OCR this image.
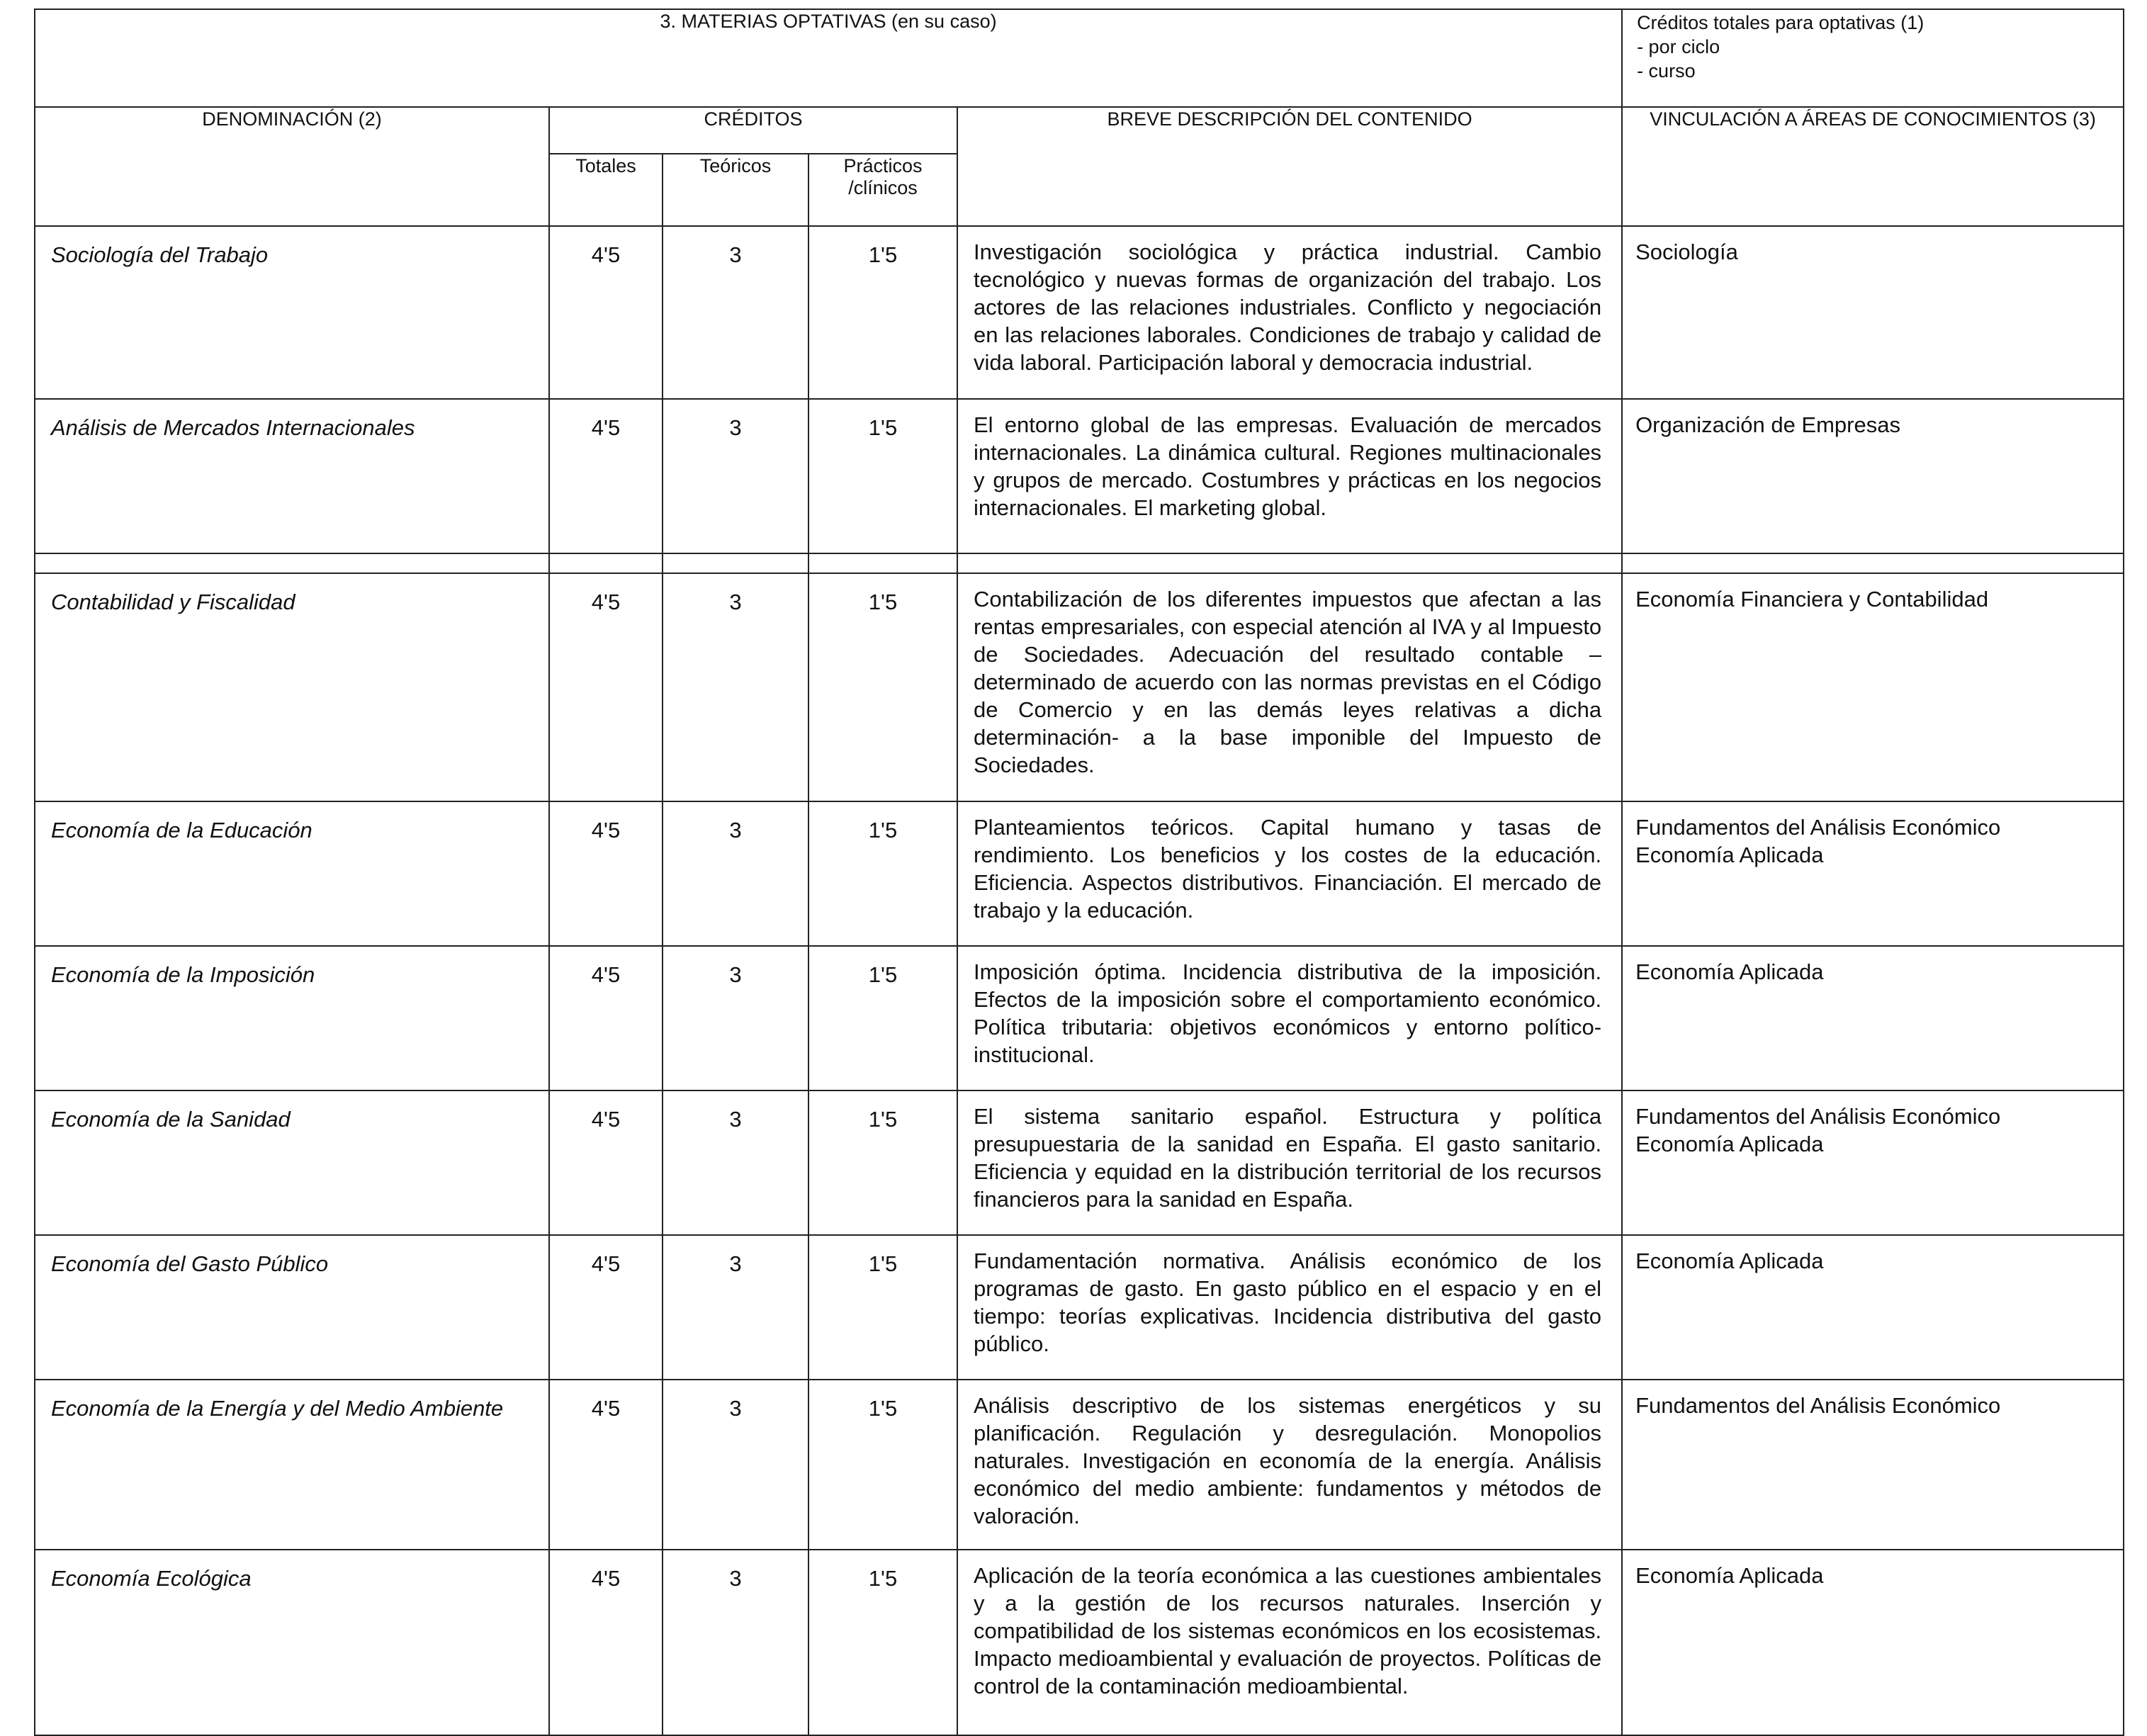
3. MATERIAS OPTATIVAS (en su caso)					Créditos totales para optativas (1)
- por ciclo
- curso

DENOMINACIÓN (2)	CRÉDITOS			BREVE DESCRIPCIÓN DEL CONTENIDO	VINCULACIÓN A ÁREAS DE CONOCIMIENTOS (3)
	Totales	Teóricos	Prácticos
/clínicos		

Sociología del Trabajo	4'5	3	1'5	Investigación sociológica y práctica industrial. Cambio tecnológico y nuevas formas de organización del trabajo. Los actores de las relaciones industriales. Conflicto y negociación en las relaciones laborales. Condiciones de trabajo y calidad de vida laboral. Participación laboral y democracia industrial.	Sociología

Análisis de Mercados Internacionales	4'5	3	1'5	El entorno global de las empresas. Evaluación de mercados internacionales. La dinámica cultural. Regiones multinacionales y grupos de mercado. Costumbres y prácticas en los negocios internacionales. El marketing global.	Organización de Empresas

Contabilidad y Fiscalidad	4'5	3	1'5	Contabilización de los diferentes impuestos que afectan a las rentas empresariales, con especial atención al IVA y al Impuesto de Sociedades. Adecuación del resultado contable –determinado de acuerdo con las normas previstas en el Código de Comercio y en las demás leyes relativas a dicha determinación- a la base imponible del Impuesto de Sociedades.	Economía Financiera y Contabilidad

Economía de la Educación	4'5	3	1'5	Planteamientos teóricos. Capital humano y tasas de rendimiento. Los beneficios y los costes de la educación. Eficiencia. Aspectos distributivos. Financiación. El mercado de trabajo y la educación.	Fundamentos del Análisis Económico
Economía Aplicada

Economía de la Imposición	4'5	3	1'5	Imposición óptima. Incidencia distributiva de la imposición. Efectos de la imposición sobre el comportamiento económico. Política tributaria: objetivos económicos y entorno político-institucional.	Economía Aplicada

Economía de la Sanidad	4'5	3	1'5	El sistema sanitario español. Estructura y política presupuestaria de la sanidad en España. El gasto sanitario. Eficiencia y equidad en la distribución territorial de los recursos financieros para la sanidad en España.	Fundamentos del Análisis Económico
Economía Aplicada

Economía del Gasto Público	4'5	3	1'5	Fundamentación normativa. Análisis económico de los programas de gasto. En gasto público en el espacio y en el tiempo: teorías explicativas. Incidencia distributiva del gasto público.	Economía Aplicada

Economía de la Energía y del Medio Ambiente	4'5	3	1'5	Análisis descriptivo de los sistemas energéticos y su planificación. Regulación y desregulación. Monopolios naturales. Investigación en economía de la energía. Análisis económico del medio ambiente: fundamentos y métodos de valoración.	Fundamentos del Análisis Económico

Economía Ecológica	4'5	3	1'5	Aplicación de la teoría económica a las cuestiones ambientales y a la gestión de los recursos naturales. Inserción y compatibilidad de los sistemas económicos en los ecosistemas. Impacto medioambiental y evaluación de proyectos. Políticas de control de la contaminación medioambiental.	Economía Aplicada
